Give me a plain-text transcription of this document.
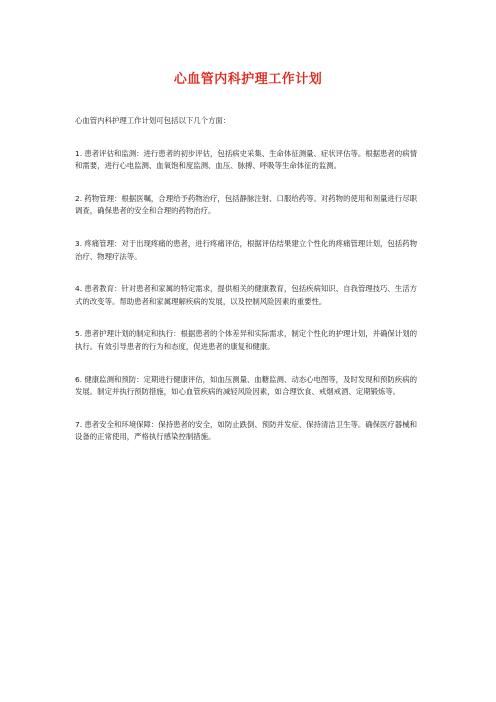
心血管内科护理工作计划

心血管内科护理工作计划可包括以下几个方面：

1. 患者评估和监测：进行患者的初步评估，包括病史采集、生命体征测量、症状评估等。根据患者的病情和需要，进行心电监测、血氧饱和度监测、血压、脉搏、呼吸等生命体征的监测。

2. 药物管理：根据医嘱，合理给予药物治疗，包括静脉注射、口服给药等。对药物的使用和剂量进行尽职调查，确保患者的安全和合理的药物治疗。

3. 疼痛管理：对于出现疼痛的患者，进行疼痛评估，根据评估结果建立个性化的疼痛管理计划，包括药物治疗、物理疗法等。

4. 患者教育：针对患者和家属的特定需求，提供相关的健康教育，包括疾病知识、自我管理技巧、生活方式的改变等。帮助患者和家属理解疾病的发展，以及控制风险因素的重要性。

5. 患者护理计划的制定和执行：根据患者的个体差异和实际需求，制定个性化的护理计划，并确保计划的执行。有效引导患者的行为和态度，促进患者的康复和健康。

6. 健康监测和预防：定期进行健康评估，如血压测量、血糖监测、动态心电图等，及时发现和预防疾病的发展。制定并执行预防措施，如心血管疾病的减轻风险因素，如合理饮食、戒烟戒酒、定期锻炼等。

7. 患者安全和环境保障：保持患者的安全，如防止跌倒、预防并发症、保持清洁卫生等。确保医疗器械和设备的正常使用，严格执行感染控制措施。
